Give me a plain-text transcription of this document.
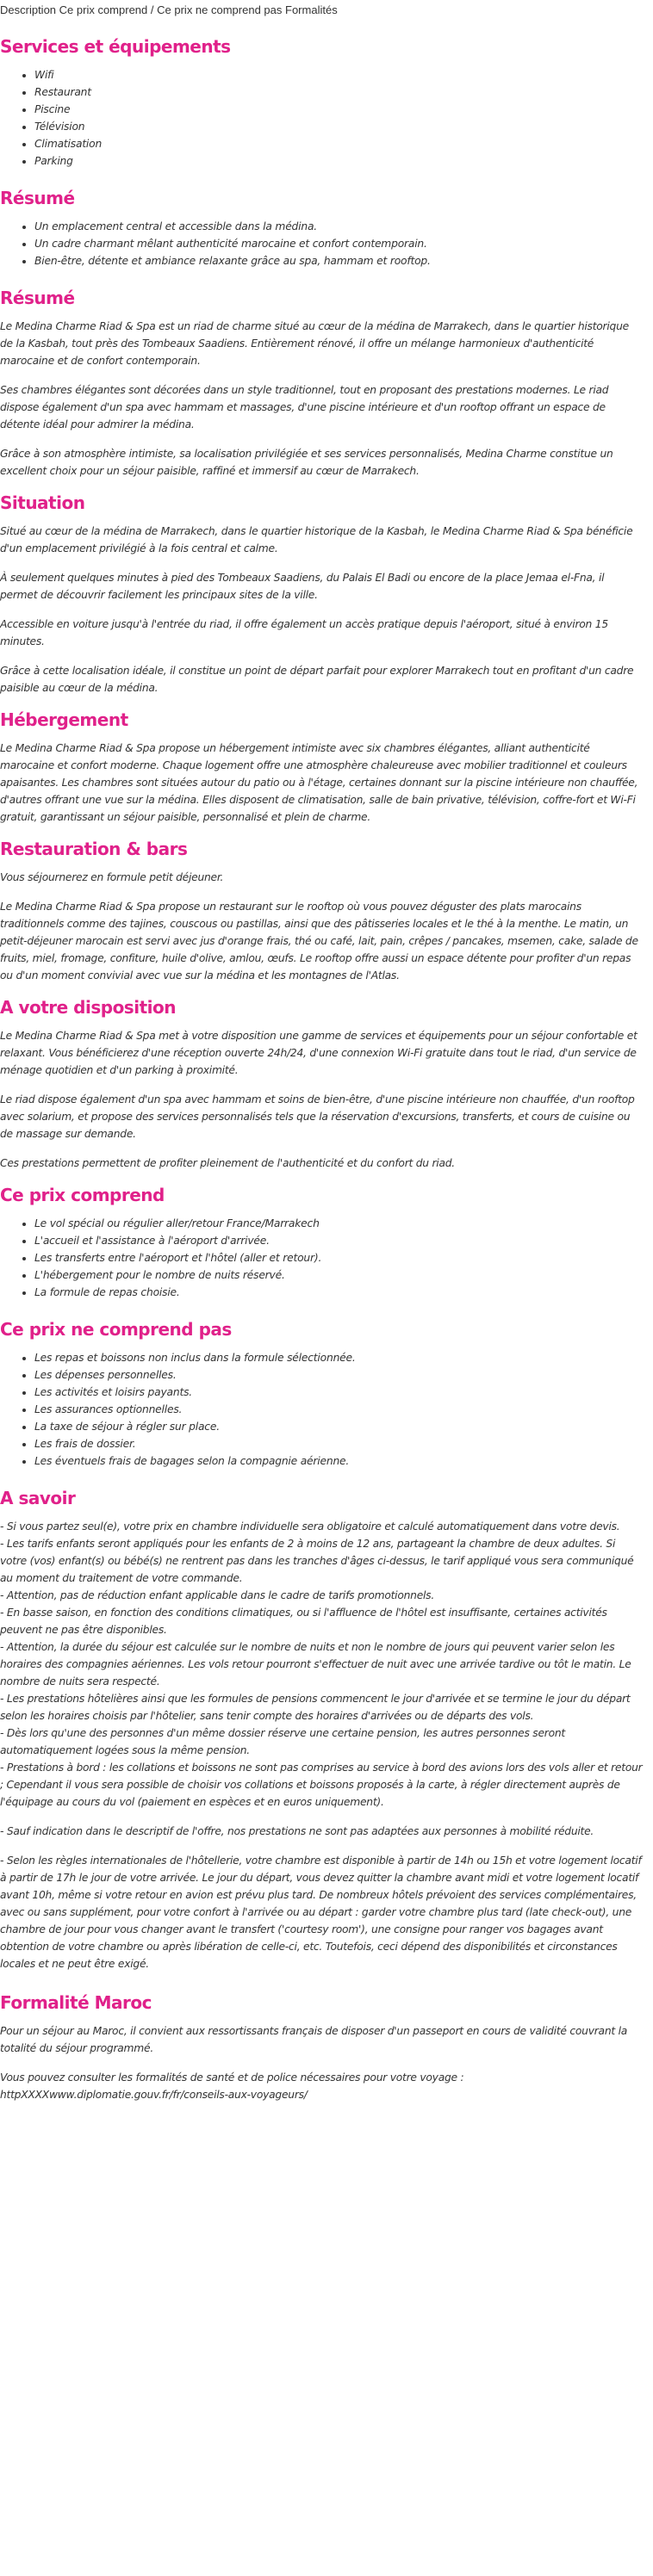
Description Ce prix comprend / Ce prix ne comprend pas Formalités
Services et équipements
• Wifi
• Restaurant
• Piscine
• Télévision
• Climatisation
• Parking
Résumé
• Un emplacement central et accessible dans la médina.
• Un cadre charmant mêlant authenticité marocaine et confort contemporain.
• Bien-être, détente et ambiance relaxante grâce au spa, hammam et rooftop.
Résumé

Le Medina Charme Riad & Spa est un riad de charme situé au cœur de la médina de Marrakech, dans le quartier historique de la Kasbah, tout près des Tombeaux Saadiens. Entièrement rénové, il offre un mélange harmonieux d'authenticité marocaine et de confort contemporain.

Ses chambres élégantes sont décorées dans un style traditionnel, tout en proposant des prestations modernes. Le riad dispose également d'un spa avec hammam et massages, d'une piscine intérieure et d'un rooftop offrant un espace de détente idéal pour admirer la médina.

Grâce à son atmosphère intimiste, sa localisation privilégiée et ses services personnalisés, Medina Charme constitue un excellent choix pour un séjour paisible, raffiné et immersif au cœur de Marrakech.

Situation

Situé au cœur de la médina de Marrakech, dans le quartier historique de la Kasbah, le Medina Charme Riad & Spa bénéficie d'un emplacement privilégié à la fois central et calme.

À seulement quelques minutes à pied des Tombeaux Saadiens, du Palais El Badi ou encore de la place Jemaa el-Fna, il permet de découvrir facilement les principaux sites de la ville.

Accessible en voiture jusqu'à l'entrée du riad, il offre également un accès pratique depuis l'aéroport, situé à environ 15 minutes.

Grâce à cette localisation idéale, il constitue un point de départ parfait pour explorer Marrakech tout en profitant d'un cadre paisible au cœur de la médina.

Hébergement

Le Medina Charme Riad & Spa propose un hébergement intimiste avec six chambres élégantes, alliant authenticité marocaine et confort moderne. Chaque logement offre une atmosphère chaleureuse avec mobilier traditionnel et couleurs apaisantes. Les chambres sont situées autour du patio ou à l'étage, certaines donnant sur la piscine intérieure non chauffée, d'autres offrant une vue sur la médina. Elles disposent de climatisation, salle de bain privative, télévision, coffre-fort et Wi-Fi gratuit, garantissant un séjour paisible, personnalisé et plein de charme.

Restauration & bars

Vous séjournerez en formule petit déjeuner.

Le Medina Charme Riad & Spa propose un restaurant sur le rooftop où vous pouvez déguster des plats marocains traditionnels comme des tajines, couscous ou pastillas, ainsi que des pâtisseries locales et le thé à la menthe. Le matin, un petit-déjeuner marocain est servi avec jus d'orange frais, thé ou café, lait, pain, crêpes / pancakes, msemen, cake, salade de fruits, miel, fromage, confiture, huile d'olive, amlou, œufs. Le rooftop offre aussi un espace détente pour profiter d'un repas ou d'un moment convivial avec vue sur la médina et les montagnes de l'Atlas.

A votre disposition

Le Medina Charme Riad & Spa met à votre disposition une gamme de services et équipements pour un séjour confortable et relaxant. Vous bénéficierez d'une réception ouverte 24h/24, d'une connexion Wi-Fi gratuite dans tout le riad, d'un service de ménage quotidien et d'un parking à proximité.

Le riad dispose également d'un spa avec hammam et soins de bien-être, d'une piscine intérieure non chauffée, d'un rooftop avec solarium, et propose des services personnalisés tels que la réservation d'excursions, transferts, et cours de cuisine ou de massage sur demande.

Ces prestations permettent de profiter pleinement de l'authenticité et du confort du riad.

Ce prix comprend
• Le vol spécial ou régulier aller/retour France/Marrakech
• L'accueil et l'assistance à l'aéroport d'arrivée.
• Les transferts entre l'aéroport et l'hôtel (aller et retour).
• L'hébergement pour le nombre de nuits réservé.
• La formule de repas choisie.
Ce prix ne comprend pas
• Les repas et boissons non inclus dans la formule sélectionnée.
• Les dépenses personnelles.
• Les activités et loisirs payants.
• Les assurances optionnelles.
• La taxe de séjour à régler sur place.
• Les frais de dossier.
• Les éventuels frais de bagages selon la compagnie aérienne.
A savoir

- Si vous partez seul(e), votre prix en chambre individuelle sera obligatoire et calculé automatiquement dans votre devis.

- Les tarifs enfants seront appliqués pour les enfants de 2 à moins de 12 ans, partageant la chambre de deux adultes. Si votre (vos) enfant(s) ou bébé(s) ne rentrent pas dans les tranches d'âges ci-dessus, le tarif appliqué vous sera communiqué au moment du traitement de votre commande.

- Attention, pas de réduction enfant applicable dans le cadre de tarifs promotionnels.

- En basse saison, en fonction des conditions climatiques, ou si l'affluence de l'hôtel est insuffisante, certaines activités peuvent ne pas être disponibles.

- Attention, la durée du séjour est calculée sur le nombre de nuits et non le nombre de jours qui peuvent varier selon les horaires des compagnies aériennes. Les vols retour pourront s'effectuer de nuit avec une arrivée tardive ou tôt le matin. Le nombre de nuits sera respecté.

- Les prestations hôtelières ainsi que les formules de pensions commencent le jour d'arrivée et se termine le jour du départ selon les horaires choisis par l'hôtelier, sans tenir compte des horaires d'arrivées ou de départs des vols.

- Dès lors qu'une des personnes d'un même dossier réserve une certaine pension, les autres personnes seront automatiquement logées sous la même pension.

- Prestations à bord : les collations et boissons ne sont pas comprises au service à bord des avions lors des vols aller et retour ; Cependant il vous sera possible de choisir vos collations et boissons proposés à la carte, à régler directement auprès de l'équipage au cours du vol (paiement en espèces et en euros uniquement).

- Sauf indication dans le descriptif de l'offre, nos prestations ne sont pas adaptées aux personnes à mobilité réduite.

- Selon les règles internationales de l'hôtellerie, votre chambre est disponible à partir de 14h ou 15h et votre logement locatif à partir de 17h le jour de votre arrivée. Le jour du départ, vous devez quitter la chambre avant midi et votre logement locatif avant 10h, même si votre retour en avion est prévu plus tard. De nombreux hôtels prévoient des services complémentaires, avec ou sans supplément, pour votre confort à l'arrivée ou au départ : garder votre chambre plus tard (late check-out), une chambre de jour pour vous changer avant le transfert ('courtesy room'), une consigne pour ranger vos bagages avant obtention de votre chambre ou après libération de celle-ci, etc. Toutefois, ceci dépend des disponibilités et circonstances locales et ne peut être exigé.

Formalité Maroc

Pour un séjour au Maroc, il convient aux ressortissants français de disposer d'un passeport en cours de validité couvrant la totalité du séjour programmé.

Vous pouvez consulter les formalités de santé et de police nécessaires pour votre voyage :

httpXXXXwww.diplomatie.gouv.fr/fr/conseils-aux-voyageurs/
